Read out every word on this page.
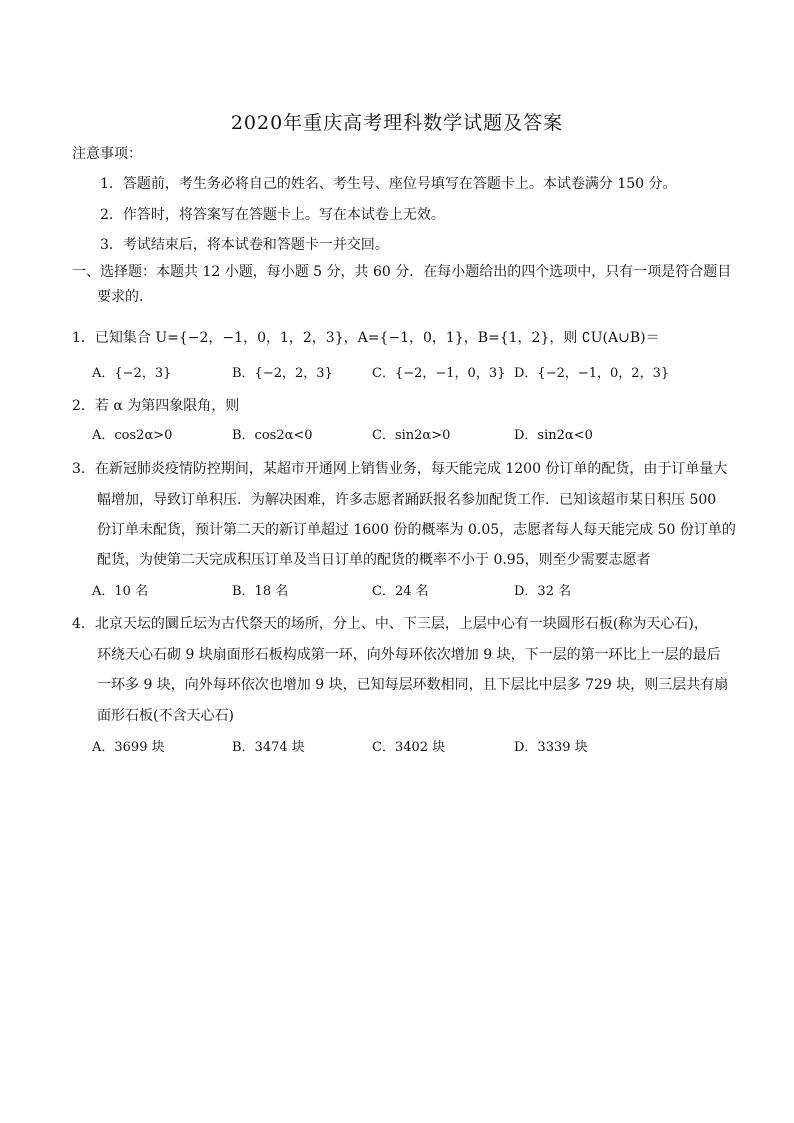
2020年重庆高考理科数学试题及答案
注意事项：
1．答题前，考生务必将自己的姓名、考生号、座位号填写在答题卡上。本试卷满分 150 分。
2．作答时，将答案写在答题卡上。写在本试卷上无效。
3．考试结束后，将本试卷和答题卡一并交回。
一、选择题：本题共 12 小题，每小题 5 分，共 60 分．在每小题给出的四个选项中，只有一项是符合题目
要求的．
1．已知集合 U={−2，−1，0，1，2，3}，A={−1，0，1}，B={1，2}，则 ∁U(A∪B)＝
A．{−2，3}	B．{−2，2，3}	C．{−2，−1，0，3} D．{−2，−1，0，2，3}
2．若 α 为第四象限角，则
A．cos2α>0	B．cos2α<0	C．sin2α>0	D．sin2α<0
3．在新冠肺炎疫情防控期间，某超市开通网上销售业务，每天能完成 1200 份订单的配货，由于订单量大
幅增加，导致订单积压．为解决困难，许多志愿者踊跃报名参加配货工作．已知该超市某日积压 500
份订单未配货，预计第二天的新订单超过 1600 份的概率为 0.05，志愿者每人每天能完成 50 份订单的
配货，为使第二天完成积压订单及当日订单的配货的概率不小于 0.95，则至少需要志愿者
A．10 名	B．18 名	C．24 名	D．32 名
4．北京天坛的圜丘坛为古代祭天的场所，分上、中、下三层，上层中心有一块圆形石板(称为天心石)，
环绕天心石砌 9 块扇面形石板构成第一环，向外每环依次增加 9 块，下一层的第一环比上一层的最后
一环多 9 块，向外每环依次也增加 9 块，已知每层环数相同，且下层比中层多 729 块，则三层共有扇
面形石板(不含天心石)
A．3699 块	B．3474 块	C．3402 块	D．3339 块
